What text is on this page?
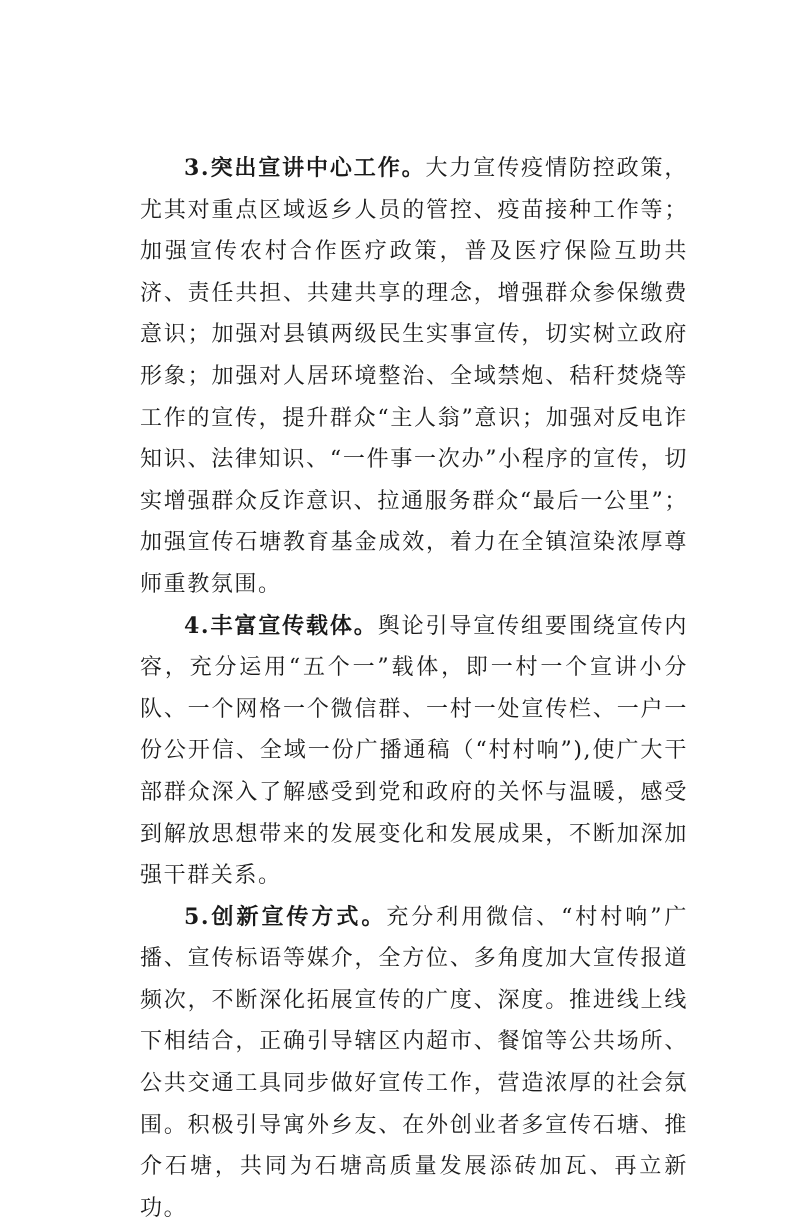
3.突出宣讲中心工作。大力宣传疫情防控政策，尤其对重点区域返乡人员的管控、疫苗接种工作等；加强宣传农村合作医疗政策，普及医疗保险互助共济、责任共担、共建共享的理念，增强群众参保缴费意识；加强对县镇两级民生实事宣传，切实树立政府形象；加强对人居环境整治、全域禁炮、秸秆焚烧等工作的宣传，提升群众“主人翁”意识；加强对反电诈知识、法律知识、“一件事一次办”小程序的宣传，切实增强群众反诈意识、拉通服务群众“最后一公里”；加强宣传石塘教育基金成效，着力在全镇渲染浓厚尊师重教氛围。

4.丰富宣传载体。舆论引导宣传组要围绕宣传内容，充分运用“五个一”载体，即一村一个宣讲小分队、一个网格一个微信群、一村一处宣传栏、一户一份公开信、全域一份广播通稿（“村村响”),使广大干部群众深入了解感受到党和政府的关怀与温暖，感受到解放思想带来的发展变化和发展成果，不断加深加强干群关系。

5.创新宣传方式。充分利用微信、“村村响”广播、宣传标语等媒介，全方位、多角度加大宣传报道频次，不断深化拓展宣传的广度、深度。推进线上线下相结合，正确引导辖区内超市、餐馆等公共场所、公共交通工具同步做好宣传工作，营造浓厚的社会氛围。积极引导寓外乡友、在外创业者多宣传石塘、推介石塘，共同为石塘高质量发展添砖加瓦、再立新功。
